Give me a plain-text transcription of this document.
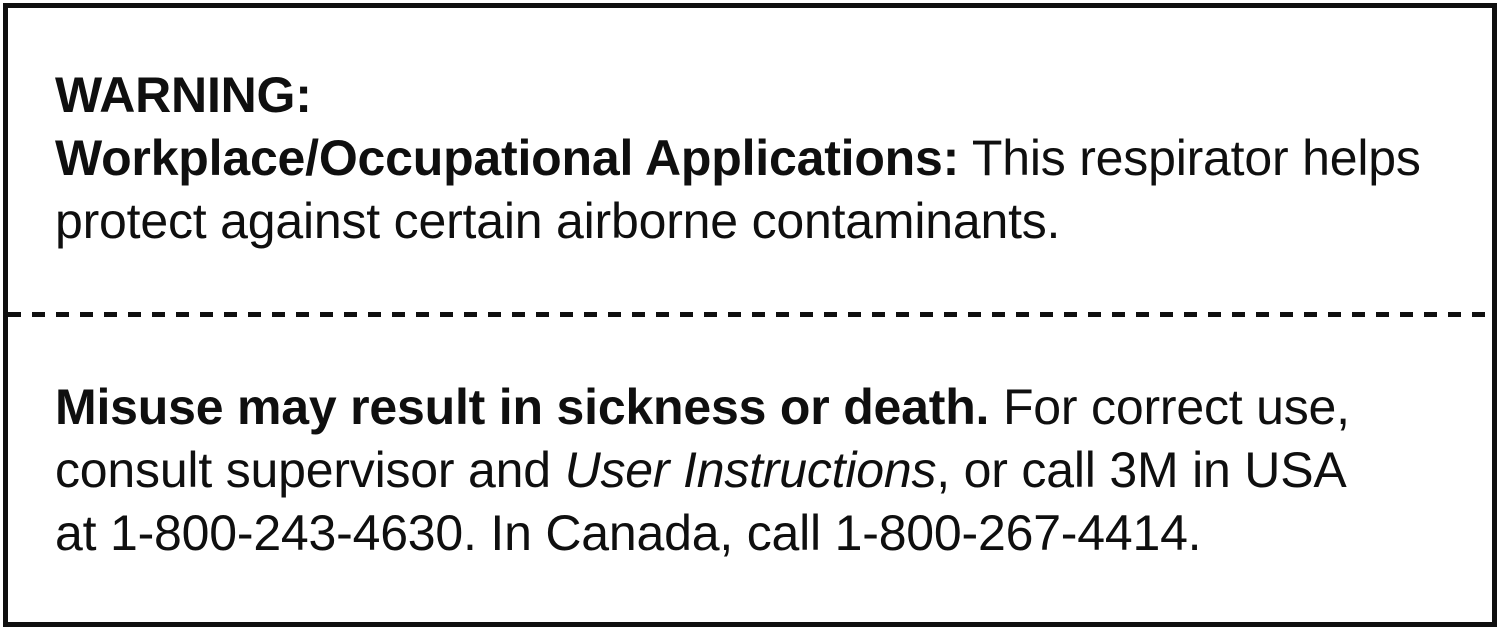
WARNING:
Workplace/Occupational Applications: This respirator helps
protect against certain airborne contaminants.
Misuse may result in sickness or death. For correct use,
consult supervisor and User Instructions, or call 3M in USA
at 1-800-243-4630. In Canada, call 1-800-267-4414.
